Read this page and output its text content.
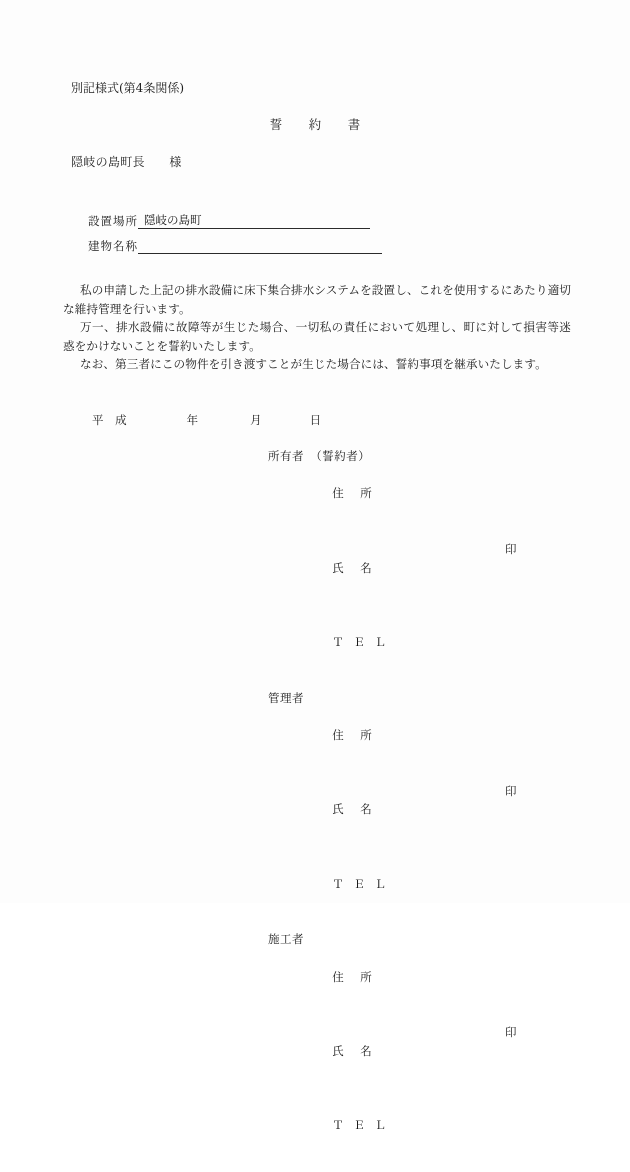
別記様式(第4条関係)
誓　約　書
隠岐の島町長　　様
設置場所 隠岐の島町
建物名称

私の申請した上記の排水設備に床下集合排水システムを設置し、これを使用するにあたり適切な維持管理を行います。

万一、排水設備に故障等が生じた場合、一切私の責任において処理し、町に対して損害等迷惑をかけないことを誓約いたします。

なお、第三者にこの物件を引き渡すことが生じた場合には、誓約事項を継承いたします。

平 成	年	月	日
所有者　（誓約者）

住　所

氏　名

印

Ｔ Ｅ Ｌ

管理者

住　所

氏　名

印

Ｔ Ｅ Ｌ

施工者

住　所

氏　名

印

Ｔ Ｅ Ｌ
